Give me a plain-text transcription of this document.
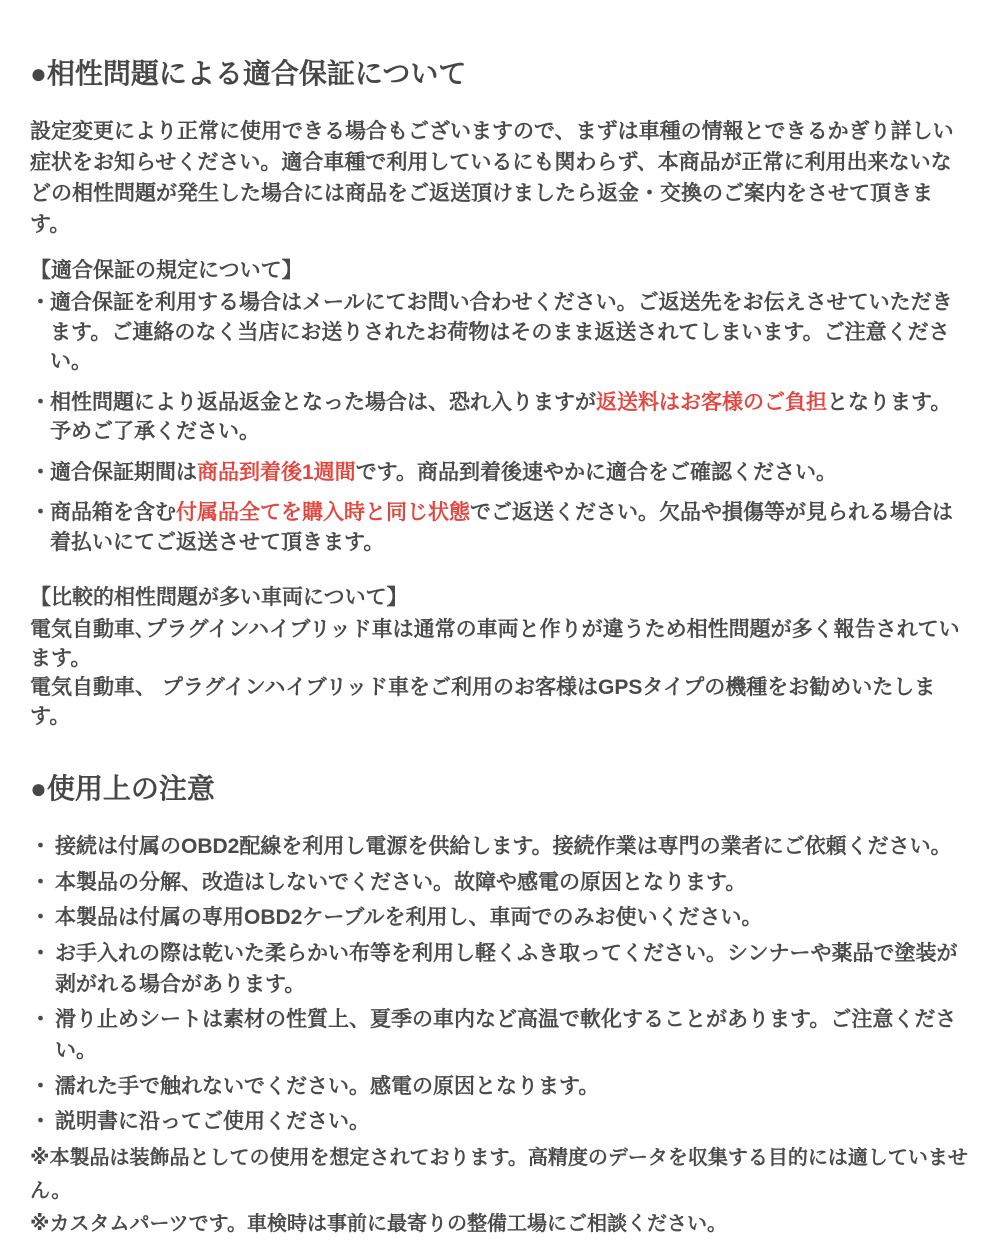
●相性問題による適合保証について

設定変更により正常に使用できる場合もございますので、まずは車種の情報とできるかぎり詳しい症状をお知らせください。適合車種で利用しているにも関わらず、本商品が正常に利用出来ないなどの相性問題が発生した場合には商品をご返送頂けましたら返金・交換のご案内をさせて頂きます。

【適合保証の規定について】
・ 適合保証を利用する場合はメールにてお問い合わせください。ご返送先をお伝えさせていただきます。ご連絡のなく当店にお送りされたお荷物はそのまま返送されてしまいます。ご注意ください。
・ 相性問題により返品返金となった場合は、恐れ入りますが返送料はお客様のご負担となります。予めご了承ください。
・ 適合保証期間は商品到着後1週間です。商品到着後速やかに適合をご確認ください。
・ 商品箱を含む付属品全てを購入時と同じ状態でご返送ください。欠品や損傷等が見られる場合は着払いにてご返送させて頂きます。
【比較的相性問題が多い車両について】

電気自動車､プラグインハイブリッド車は通常の車両と作りが違うため相性問題が多く報告されています。

電気自動車、 プラグインハイブリッド車をご利用のお客様はGPSタイプの機種をお勧めいたします。

●使用上の注意
・ 接続は付属のOBD2配線を利用し電源を供給します。接続作業は専門の業者にご依頼ください。
・ 本製品の分解、改造はしないでください。故障や感電の原因となります。
・ 本製品は付属の専用OBD2ケーブルを利用し、車両でのみお使いください。
・ お手入れの際は乾いた柔らかい布等を利用し軽くふき取ってください。シンナーや薬品で塗装が剥がれる場合があります。
・ 滑り止めシートは素材の性質上、夏季の車内など高温で軟化することがあります。ご注意ください。
・ 濡れた手で触れないでください。感電の原因となります。
・ 説明書に沿ってご使用ください。

※本製品は装飾品としての使用を想定されております。高精度のデータを収集する目的には適していません。

※カスタムパーツです。車検時は事前に最寄りの整備工場にご相談ください。
